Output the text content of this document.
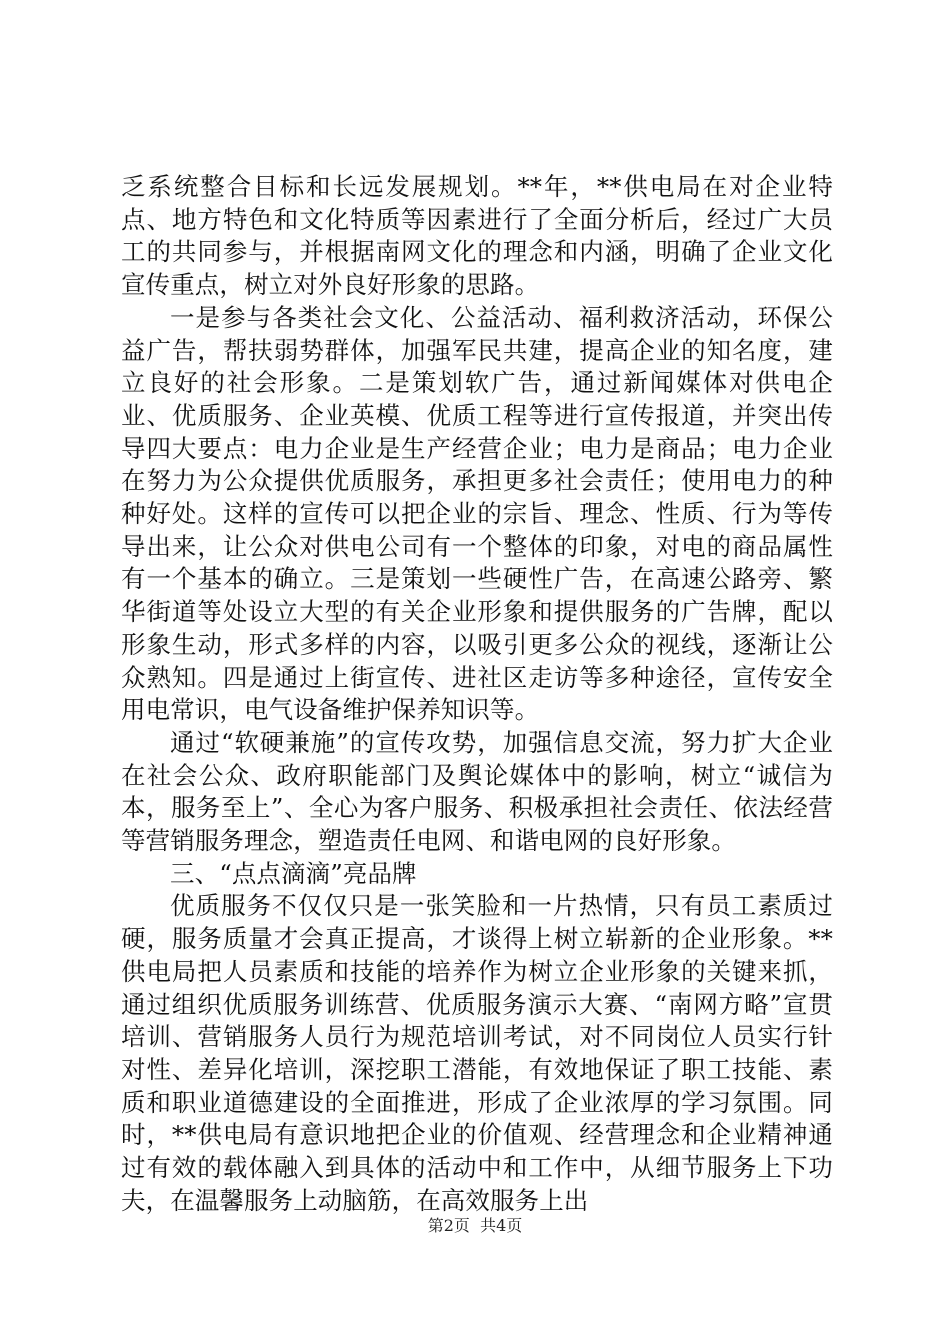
乏系统整合目标和长远发展规划。**年，**供电局在对企业特点、地方特色和文化特质等因素进行了全面分析后，经过广大员工的共同参与，并根据南网文化的理念和内涵，明确了企业文化宣传重点，树立对外良好形象的思路。

一是参与各类社会文化、公益活动、福利救济活动，环保公益广告，帮扶弱势群体，加强军民共建，提高企业的知名度，建立良好的社会形象。二是策划软广告，通过新闻媒体对供电企业、优质服务、企业英模、优质工程等进行宣传报道，并突出传导四大要点：电力企业是生产经营企业；电力是商品；电力企业在努力为公众提供优质服务，承担更多社会责任；使用电力的种种好处。这样的宣传可以把企业的宗旨、理念、性质、行为等传导出来，让公众对供电公司有一个整体的印象，对电的商品属性有一个基本的确立。三是策划一些硬性广告，在高速公路旁、繁华街道等处设立大型的有关企业形象和提供服务的广告牌，配以形象生动，形式多样的内容，以吸引更多公众的视线，逐渐让公众熟知。四是通过上街宣传、进社区走访等多种途径，宣传安全用电常识，电气设备维护保养知识等。

通过“软硬兼施”的宣传攻势，加强信息交流，努力扩大企业在社会公众、政府职能部门及舆论媒体中的影响，树立“诚信为本，服务至上”、全心为客户服务、积极承担社会责任、依法经营等营销服务理念，塑造责任电网、和谐电网的良好形象。

三、“点点滴滴”亮品牌

优质服务不仅仅只是一张笑脸和一片热情，只有员工素质过硬，服务质量才会真正提高，才谈得上树立崭新的企业形象。**供电局把人员素质和技能的培养作为树立企业形象的关键来抓，通过组织优质服务训练营、优质服务演示大赛、“南网方略”宣贯培训、营销服务人员行为规范培训考试，对不同岗位人员实行针对性、差异化培训，深挖职工潜能，有效地保证了职工技能、素质和职业道德建设的全面推进，形成了企业浓厚的学习氛围。同时，**供电局有意识地把企业的价值观、经营理念和企业精神通过有效的载体融入到具体的活动中和工作中，从细节服务上下功夫，在温馨服务上动脑筋，在高效服务上出

第2页  共4页
